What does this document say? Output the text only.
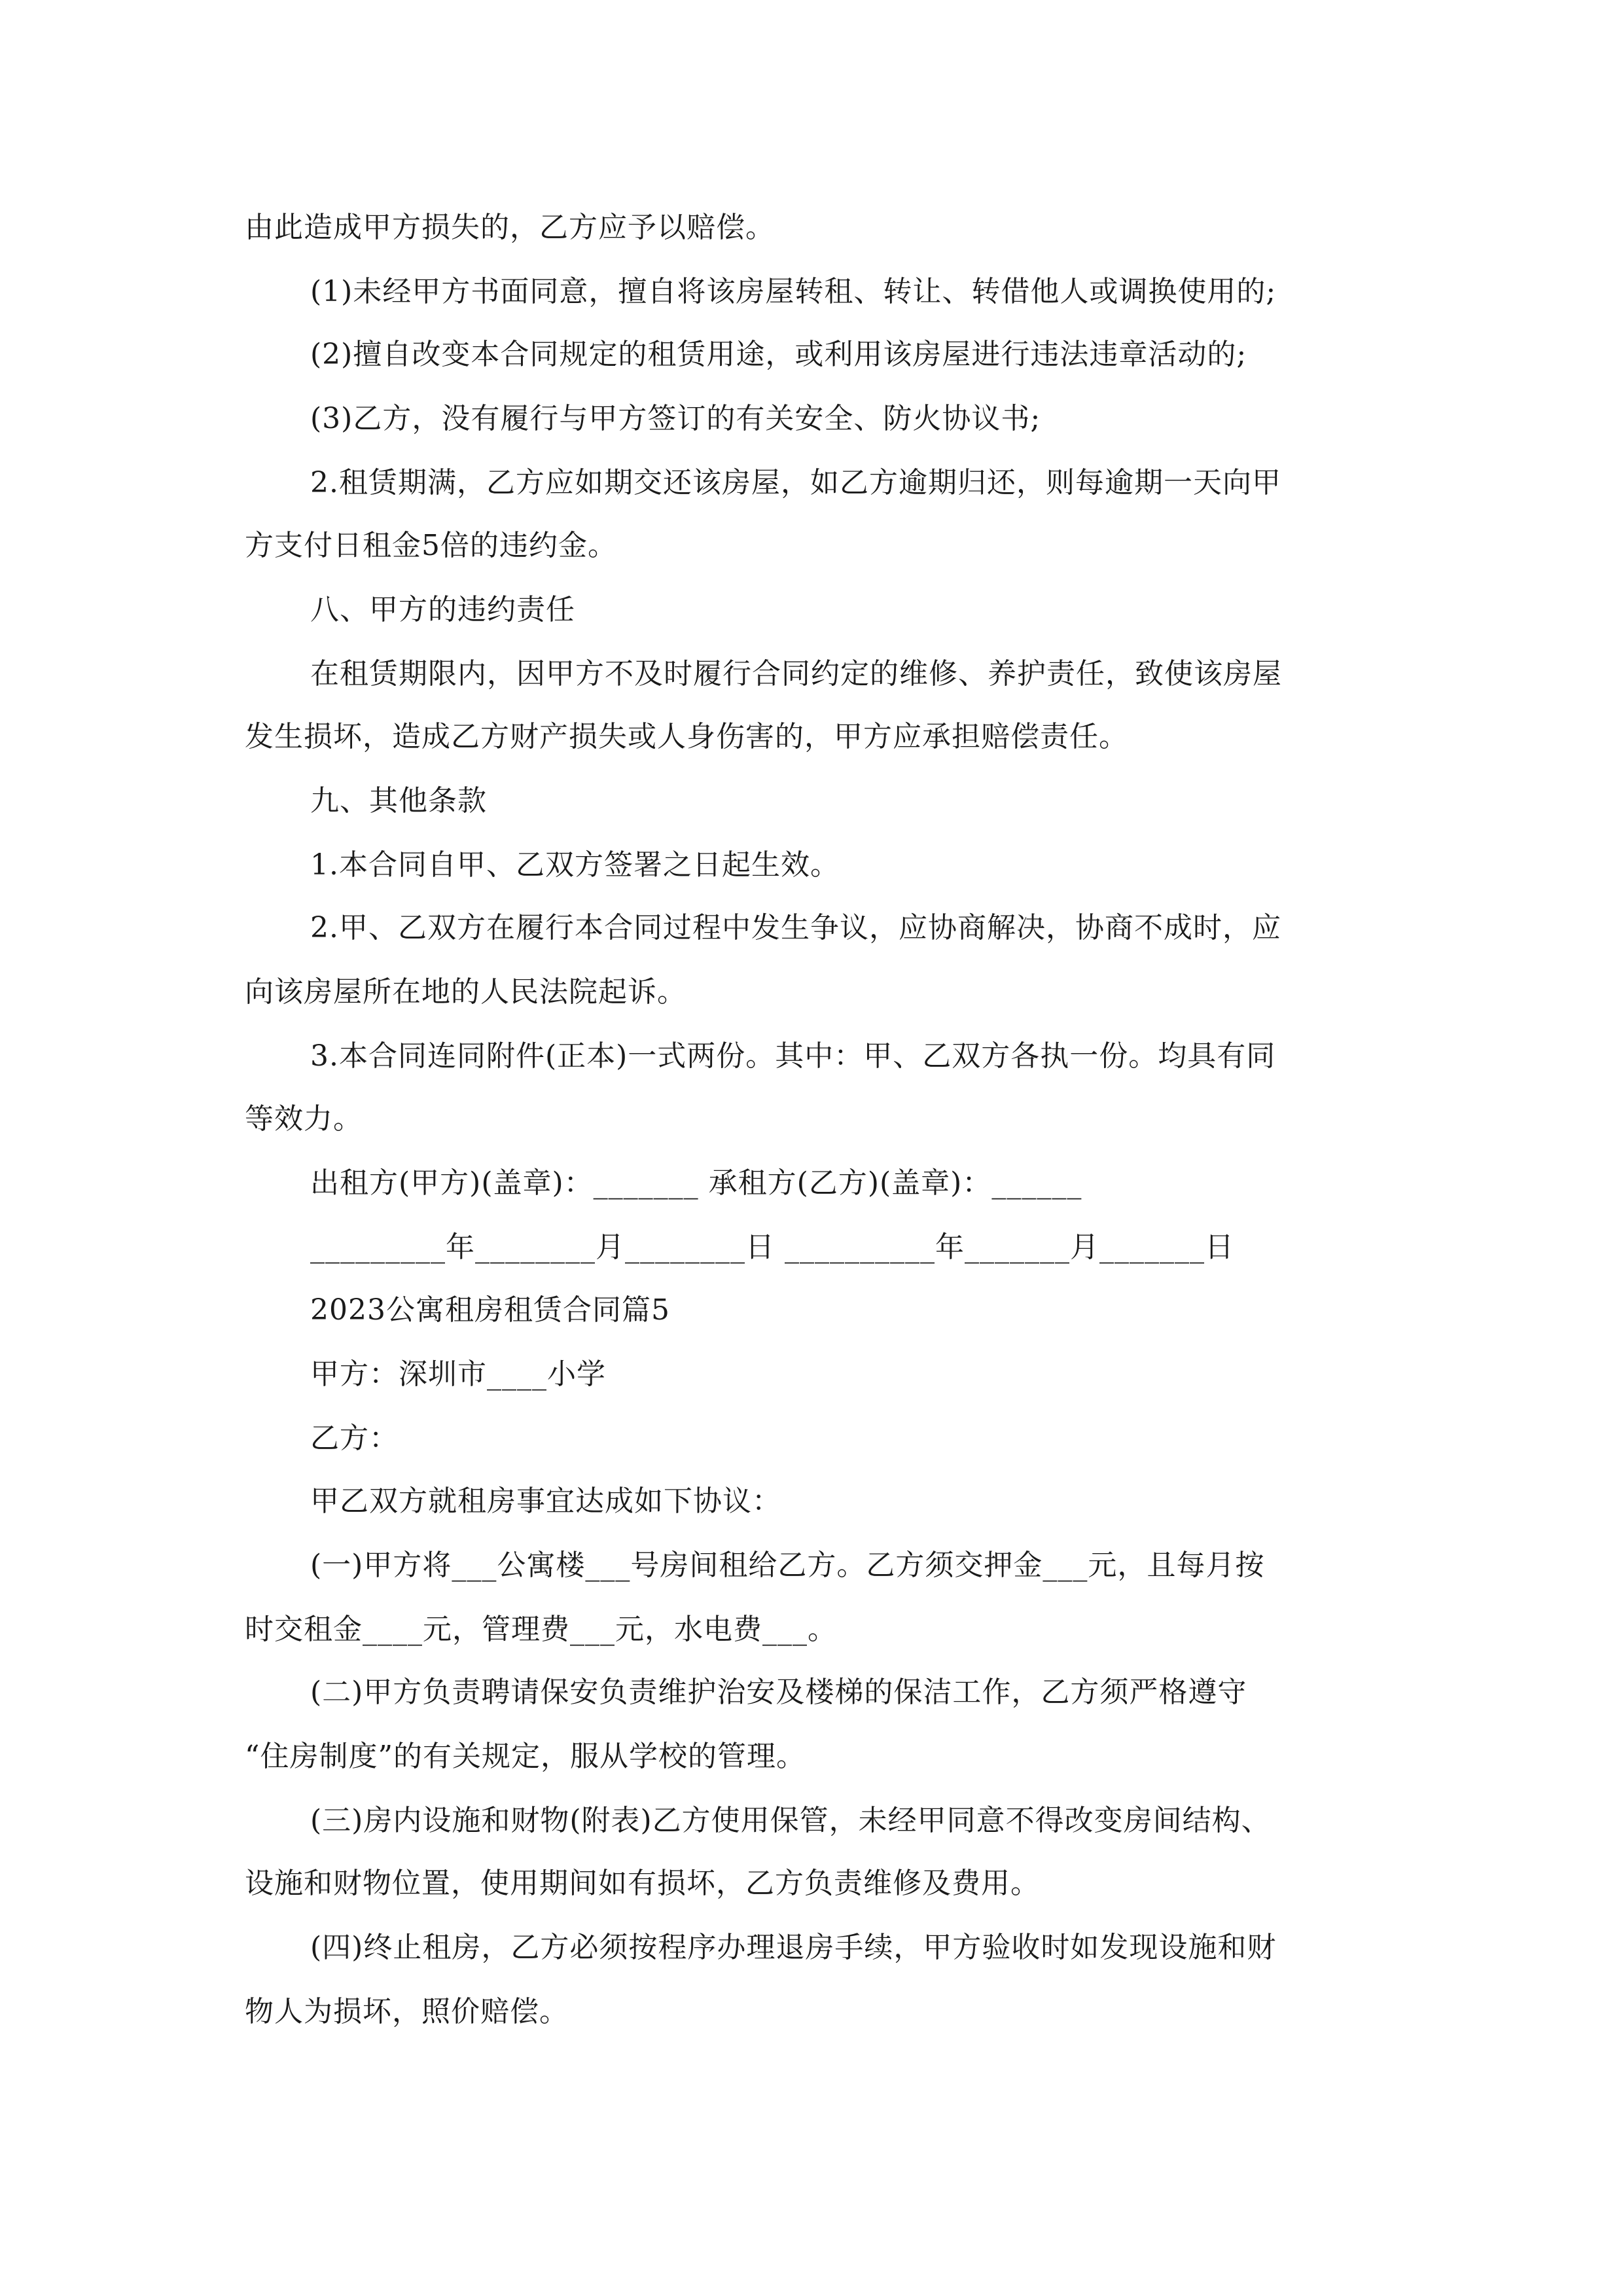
由此造成甲方损失的，乙方应予以赔偿。
(1)未经甲方书面同意，擅自将该房屋转租、转让、转借他人或调换使用的;
(2)擅自改变本合同规定的租赁用途，或利用该房屋进行违法违章活动的;
(3)乙方，没有履行与甲方签订的有关安全、防火协议书;
2.租赁期满，乙方应如期交还该房屋，如乙方逾期归还，则每逾期一天向甲
方支付日租金5倍的违约金。
八、甲方的违约责任
在租赁期限内，因甲方不及时履行合同约定的维修、养护责任，致使该房屋
发生损坏，造成乙方财产损失或人身伤害的，甲方应承担赔偿责任。
九、其他条款
1.本合同自甲、乙双方签署之日起生效。
2.甲、乙双方在履行本合同过程中发生争议，应协商解决，协商不成时，应
向该房屋所在地的人民法院起诉。
3.本合同连同附件(正本)一式两份。其中：甲、乙双方各执一份。均具有同
等效力。
出租方(甲方)(盖章)：_______ 承租方(乙方)(盖章)：______
_________年________月________日 __________年_______月_______日
2023公寓租房租赁合同篇5
甲方：深圳市____小学
乙方：
甲乙双方就租房事宜达成如下协议：
(一)甲方将___公寓楼___号房间租给乙方。乙方须交押金___元，且每月按
时交租金____元，管理费___元，水电费___。
(二)甲方负责聘请保安负责维护治安及楼梯的保洁工作，乙方须严格遵守
“住房制度”的有关规定，服从学校的管理。
(三)房内设施和财物(附表)乙方使用保管，未经甲同意不得改变房间结构、
设施和财物位置，使用期间如有损坏，乙方负责维修及费用。
(四)终止租房，乙方必须按程序办理退房手续，甲方验收时如发现设施和财
物人为损坏，照价赔偿。
